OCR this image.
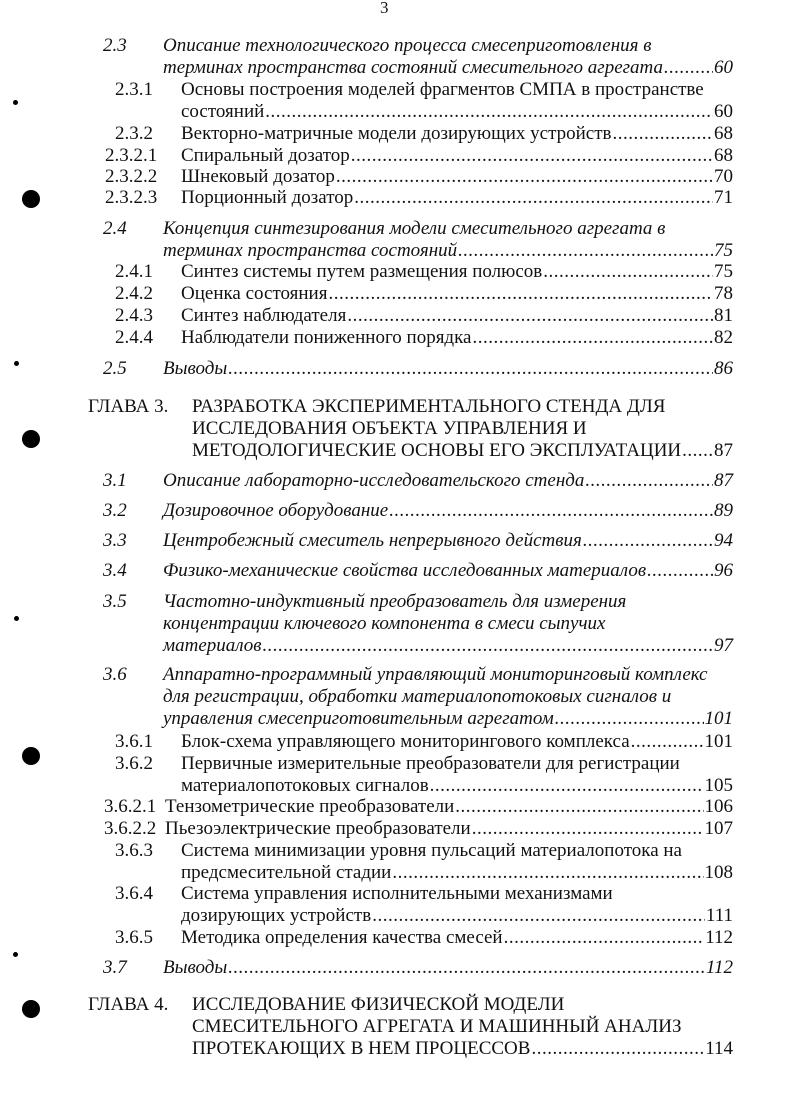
3
2.3 Описание технологического процесса смесеприготовления в
терминах пространства состояний смесительного агрегата .....	60
2.3.1 Основы построения моделей фрагментов СМПА в пространстве
состояний .....	60
2.3.2 Векторно-матричные модели дозирующих устройств .....	68
2.3.2.1 Спиральный дозатор .....	68
2.3.2.2 Шнековый дозатор .....	70
2.3.2.3 Порционный дозатор .....	71
2.4 Концепция синтезирования модели смесительного агрегата в
терминах пространства состояний .....	75
2.4.1 Синтез системы путем размещения полюсов .....	75
2.4.2 Оценка состояния .....	78
2.4.3 Синтез наблюдателя .....	81
2.4.4 Наблюдатели пониженного порядка .....	82
2.5 Выводы .....	86
ГЛАВА 3. РАЗРАБОТКА ЭКСПЕРИМЕНТАЛЬНОГО СТЕНДА ДЛЯ
ИССЛЕДОВАНИЯ ОБЪЕКТА УПРАВЛЕНИЯ И
МЕТОДОЛОГИЧЕСКИЕ ОСНОВЫ ЕГО ЭКСПЛУАТАЦИИ ..... 87
3.1 Описание лабораторно-исследовательского стенда .....	87
3.2 Дозировочное оборудование .....	89
3.3 Центробежный смеситель непрерывного действия .....	94
3.4 Физико-механические свойства исследованных материалов .....	96
3.5 Частотно-индуктивный преобразователь для измерения
концентрации ключевого компонента в смеси сыпучих
материалов .....	97
3.6 Аппаратно-программный управляющий мониторинговый комплекс
для регистрации, обработки материалопотоковых сигналов и
управления смесеприготовительным агрегатом .....	101
3.6.1 Блок-схема управляющего мониторингового комплекса .....	101
3.6.2 Первичные измерительные преобразователи для регистрации
материалопотоковых сигналов .....	105
3.6.2.1 Тензометрические преобразователи .....	106
3.6.2.2 Пьезоэлектрические преобразователи .....	107
3.6.3 Система минимизации уровня пульсаций материалопотока на
предсмесительной стадии .....	108
3.6.4 Система управления исполнительными механизмами
дозирующих устройств .....	111
3.6.5 Методика определения качества смесей .....	112
3.7 Выводы .....	112
ГЛАВА 4. ИССЛЕДОВАНИЕ ФИЗИЧЕСКОЙ МОДЕЛИ
СМЕСИТЕЛЬНОГО АГРЕГАТА И МАШИННЫЙ АНАЛИЗ
ПРОТЕКАЮЩИХ В НЕМ ПРОЦЕССОВ .....	114
